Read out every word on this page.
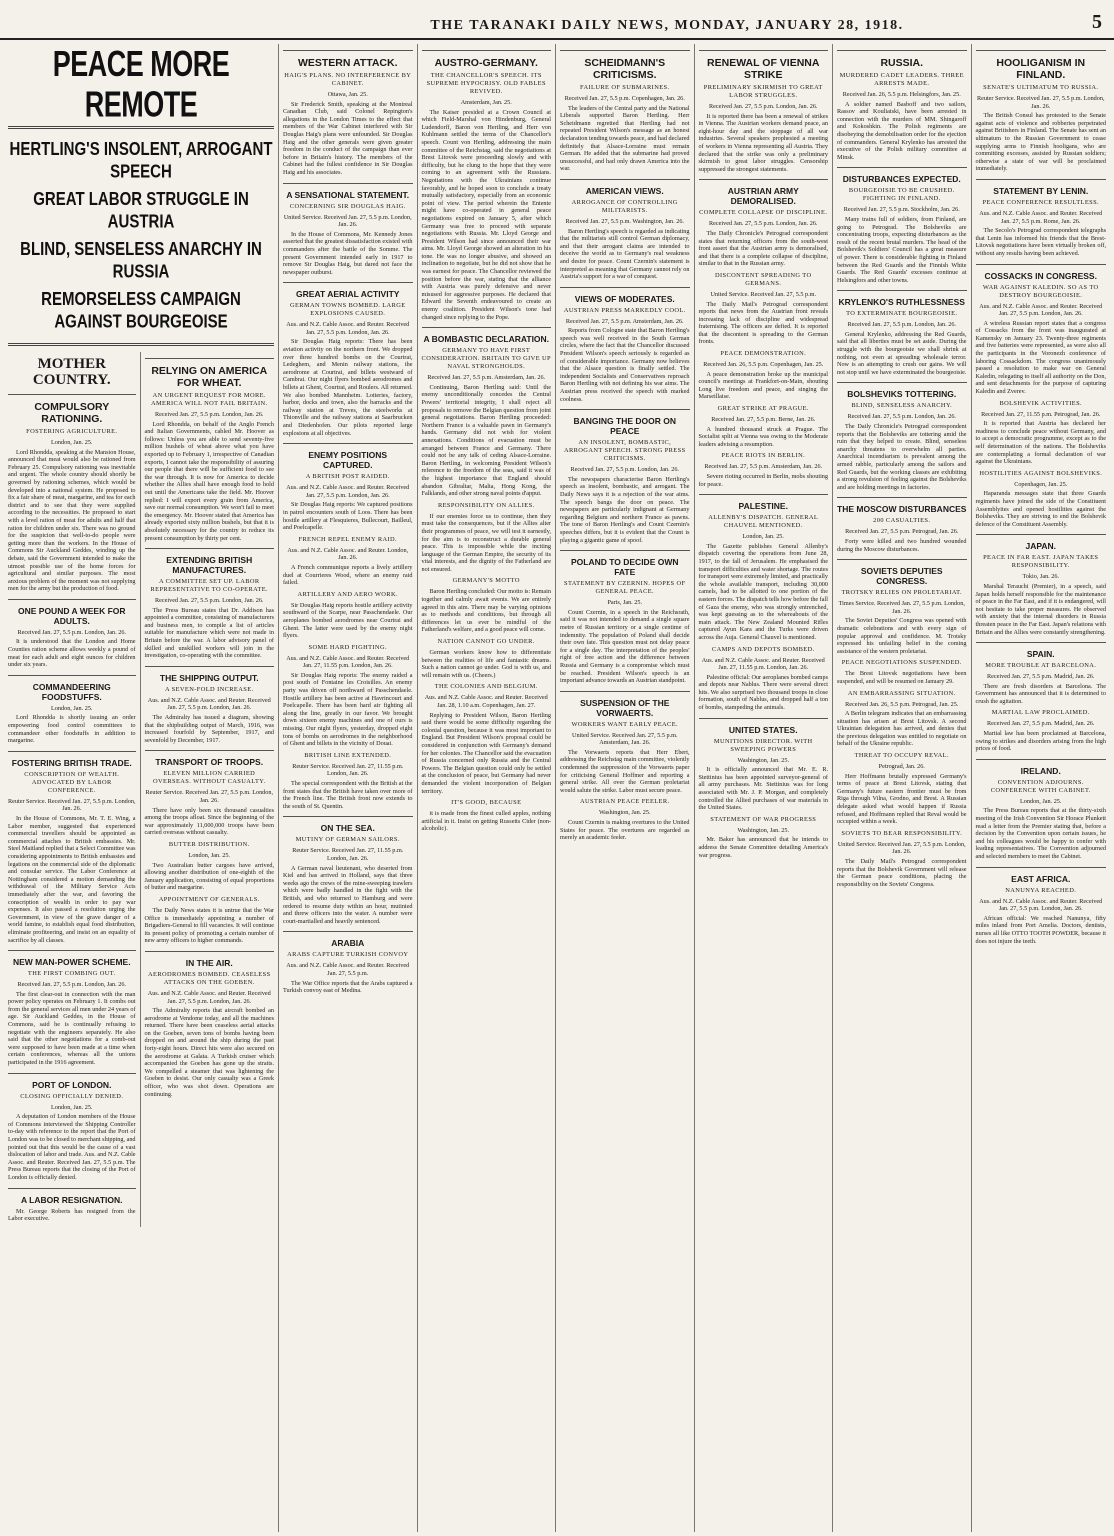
THE TARANAKI DAILY NEWS, MONDAY, JANUARY 28, 1918.	5
PEACE MORE REMOTE
HERTLING'S INSOLENT, ARROGANT SPEECH
GREAT LABOR STRUGGLE IN AUSTRIA
BLIND, SENSELESS ANARCHY IN RUSSIA
REMORSELESS CAMPAIGN AGAINST BOURGEOISE
MOTHER COUNTRY.
COMPULSORY RATIONING.
FOSTERING AGRICULTURE.
London, Jan. 25.

Lord Rhondda, speaking at the Mansion House, announced that meat would also be rationed from February 25. Compulsory rationing was inevitable and urgent. The whole country should shortly be governed by rationing schemes, which would be developed into a national system. He proposed to fix a fair share of meat, margarine, and tea for each district and to see that they were supplied according to the necessities. He proposed to start with a level ration of meat for adults and half that ration for children under six. There was no ground for the suspicion that well-to-do people were getting more than the workers. In the House of Commons Sir Auckland Geddes, winding up the debate, said the Government intended to make the utmost possible use of the home forces for agricultural and similar purposes. The most anxious problem of the moment was not supplying men for the army but the production of food.

ONE POUND A WEEK FOR ADULTS.
Received Jan. 27, 5.5 p.m. London, Jan. 26.

It is understood that the London and Home Counties ration scheme allows weekly a pound of meat for each adult and eight ounces for children under six years.

COMMANDEERING FOODSTUFFS.
London, Jan. 25.

Lord Rhondda is shortly issuing an order empowering food control committees to commandeer other foodstuffs in addition to margarine.

FOSTERING BRITISH TRADE.
CONSCRIPTION OF WEALTH. ADVOCATED BY LABOR CONFERENCE.
Reuter Service. Received Jan. 27, 5.5 p.m. London, Jan. 26.

In the House of Commons, Mr. T. E. Wing, a Labor member, suggested that experienced commercial travellers should be appointed as commercial attaches to British embassies. Mr. Steel Maitland replied that a Select Committee was considering appointments to British embassies and legations on the commercial side of the diplomatic and consular service. The Labor Conference at Nottingham considered a motion demanding the withdrawal of the Military Service Acts immediately after the war, and favoring the conscription of wealth in order to pay war expenses. It also passed a resolution urging the Government, in view of the grave danger of a world famine, to establish equal food distribution, eliminate profiteering, and insist on an equality of sacrifice by all classes.

NEW MAN-POWER SCHEME.
THE FIRST COMBING OUT.
Received Jan. 27, 5.5 p.m. London, Jan. 26.

The first clear-out in connection with the man power policy operates on February 1. It combs out from the general services all men under 24 years of age. Sir Auckland Geddes, in the House of Commons, said he is continually refusing to negotiate with the engineers separately. He also said that the other negotiations for a comb-out were supposed to have been made at a time when certain conferences, whereas all the unions participated in the 1916 agreement.

PORT OF LONDON.
CLOSING OFFICIALLY DENIED.
London, Jan. 25.

A deputation of London members of the House of Commons interviewed the Shipping Controller to-day with reference to the report that the Port of London was to be closed to merchant shipping, and pointed out that this would be the cause of a vast dislocation of labor and trade. Aus. and N.Z. Cable Assoc. and Reuter. Received Jan. 27, 5.5 p.m. The Press Bureau reports that the closing of the Port of London is officially denied.

A LABOR RESIGNATION.

Mr. George Roberts has resigned from the Labor executive.

RELYING ON AMERICA FOR WHEAT.
AN URGENT REQUEST FOR MORE. AMERICA WILL NOT FAIL BRITAIN.
Received Jan. 27, 5.5 p.m. London, Jan. 26.

Lord Rhondda, on behalf of the Anglo French and Italian Governments, cabled Mr. Hoover as follows: Unless you are able to send seventy-five million bushels of wheat above what you have exported up to February 1, irrespective of Canadian exports, I cannot take the responsibility of assuring our people that there will be sufficient food to see the war through. It is now for America to decide whether the Allies shall have enough food to hold out until the Americans take the field. Mr. Hoover replied: I will export every grain from America, save our normal consumption. We won't fail to meet the emergency. Mr. Hoover stated that America has already exported sixty million bushels, but that it is absolutely necessary for the country to reduce its present consumption by thirty per cent.

EXTENDING BRITISH MANUFACTURES.
A COMMITTEE SET UP. LABOR REPRESENTATIVE TO CO-OPERATE.
Received Jan. 27, 5.5 p.m. London, Jan. 26.

The Press Bureau states that Dr. Addison has appointed a committee, consisting of manufacturers and business men, to compile a list of articles suitable for manufacture which were not made in Britain before the war. A labor advisory panel of skilled and unskilled workers will join in the investigation, co-operating with the committee.

THE SHIPPING OUTPUT.
A SEVEN-FOLD INCREASE.
Aus. and N.Z. Cable Assoc. and Reuter. Received Jan. 27, 5.5 p.m. London, Jan. 26.

The Admiralty has issued a diagram, showing that the shipbuilding output of March, 1916, was increased fourfold by September, 1917, and sevenfold by December, 1917.

TRANSPORT OF TROOPS.
ELEVEN MILLION CARRIED OVERSEAS. WITHOUT CASUALTY.
Reuter Service. Received Jan. 27, 5.5 p.m. London, Jan. 26.

There have only been six thousand casualties among the troops afloat. Since the beginning of the war approximately 11,000,000 troops have been carried overseas without casualty.

BUTTER DISTRIBUTION.
London, Jan. 25.

Two Australian butter cargoes have arrived, allowing another distribution of one-eighth of the January application, consisting of equal proportions of butter and margarine.

APPOINTMENT OF GENERALS.

The Daily News states it is untrue that the War Office is immediately appointing a number of Brigadiers-General to fill vacancies. It will continue its present policy of promoting a certain number of new army officers to higher commands.

IN THE AIR.
AERODROMES BOMBED. CEASELESS ATTACKS ON THE GOEBEN.
Aus. and N.Z. Cable Assoc. and Reuter. Received Jan. 27, 5.5 p.m. London, Jan. 26.

The Admiralty reports that aircraft bombed an aerodrome at Vendome today, and all the machines returned. There have been ceaseless aerial attacks on the Goeben, seven tons of bombs having been dropped on and around the ship during the past forty-eight hours. Direct hits were also secured on the aerodrome at Galata. A Turkish cruiser which accompanied the Goeben has gone up the straits. We compelled a steamer that was lightening the Goeben to desist. Our only casualty was a Greek officer, who was shot down. Operations are continuing.

WESTERN ATTACK.
HAIG'S PLANS. NO INTERFERENCE BY CABINET.
Ottawa, Jan. 25.

Sir Frederick Smith, speaking at the Montreal Canadian Club, said Colonel Repington's allegations in the London Times to the effect that members of the War Cabinet interfered with Sir Douglas Haig's plans were unfounded. Sir Douglas Haig and the other generals were given greater freedom in the conduct of the campaign than ever before in Britain's history. The members of the Cabinet had the fullest confidence in Sir Douglas Haig and his associates.

A SENSATIONAL STATEMENT.
CONCERNING SIR DOUGLAS HAIG.
United Service. Received Jan. 27, 5.5 p.m. London, Jan. 26.

In the House of Commons, Mr. Kennedy Jones asserted that the greatest dissatisfaction existed with commanders after the battle of the Somme. The present Government intended early in 1917 to remove Sir Douglas Haig, but dared not face the newspaper outburst.

GREAT AERIAL ACTIVITY
GERMAN TOWNS BOMBED. LARGE EXPLOSIONS CAUSED.
Aus. and N.Z. Cable Assoc. and Reuter. Received Jan. 27, 5.5 p.m. London, Jan. 26.

Sir Douglas Haig reports: There has been aviation activity on the northern front. We dropped over three hundred bombs on the Courtrai, Ledeghem, and Menin railway stations, the aerodrome at Courtrai, and billets westward of Cambrai. Our night flyers bombed aerodromes and billets at Ghent, Courtrai, and Roulers. All returned. We also bombed Mannheim. Lotteries, factory, harbor, docks and town, also the barracks and the railway station at Treves, the steelworks at Thionville and the railway stations at Saarbrucken and Diedenhofen. Our pilots reported large explosions at all objectives.

ENEMY POSITIONS CAPTURED.
A BRITISH POST RAIDED.
Aus. and N.Z. Cable Assoc. and Reuter. Received Jan. 27, 5.5 p.m. London, Jan. 26.

Sir Douglas Haig reports: We captured positions in patrol encounters south of Loos. There has been hostile artillery at Flesquieres, Bullecourt, Bailleul, and Poelcapelle.

FRENCH REPEL ENEMY RAID.
Aus. and N.Z. Cable Assoc. and Reuter. London, Jan. 26.

A French communique reports a lively artillery duel at Courrieres Wood, where an enemy raid failed.

ARTILLERY AND AERO WORK.

Sir Douglas Haig reports hostile artillery activity southward of the Scarpe, near Passchendaele. Our aeroplanes bombed aerodromes near Courtrai and Ghent. The latter were used by the enemy night flyers.

SOME HARD FIGHTING.
Aus. and N.Z. Cable Assoc. and Reuter. Received Jan. 27, 11.55 p.m. London, Jan. 26.

Sir Douglas Haig reports: The enemy raided a post south of Fontaine les Croisilles. An enemy party was driven off northward of Passchendaele. Hostile artillery has been active at Havrincourt and Poelcapelle. There has been hard air fighting all along the line, greatly in our favor. We brought down sixteen enemy machines and one of ours is missing. Our night flyers, yesterday, dropped eight tons of bombs on aerodromes in the neighborhood of Ghent and billets in the vicinity of Douai.

BRITISH LINE EXTENDED.
Reuter Service. Received Jan. 27, 11.55 p.m. London, Jan. 26.

The special correspondent with the British at the front states that the British have taken over more of the French line. The British front now extends to the south of St. Quentin.

ON THE SEA.
MUTINY OF GERMAN SAILORS.
Reuter Service. Received Jan. 27, 11.55 p.m. London, Jan. 26.

A German naval lieutenant, who deserted from Kiel and has arrived in Holland, says that three weeks ago the crews of the mine-sweeping trawlers which were badly handled in the fight with the British, and who returned to Hamburg and were ordered to resume duty within an hour, mutinied and threw officers into the water. A number were court-martialled and heavily sentenced.

ARABIA
ARABS CAPTURE TURKISH CONVOY
Aus. and N.Z. Cable Assoc. and Reuter. Received Jan. 27, 5.5 p.m.

The War Office reports that the Arabs captured a Turkish convoy east of Medina.

AUSTRO-GERMANY.
THE CHANCELLOR'S SPEECH. ITS SUPREME HYPOCRISY. OLD FABLES REVIVED.
Amsterdam, Jan. 25.

The Kaiser presided at a Crown Council at which Field-Marshal von Hindenburg, General Ludendorff, Baron von Hertling, and Herr von Kuhlmann settled the terms of the Chancellor's speech. Count von Hertling, addressing the main committee of the Reichstag, said the negotiations at Brest Litovsk were proceeding slowly and with difficulty, but he clung to the hope that they were coming to an agreement with the Russians. Negotiations with the Ukrainians continue favorably, and he hoped soon to conclude a treaty mutually satisfactory, especially from an economic point of view. The period wherein the Entente might have co-operated in general peace negotiations expired on January 5, after which Germany was free to proceed with separate negotiations with Russia. Mr. Lloyd George and President Wilson had since announced their war aims. Mr. Lloyd George showed an alteration in his tone. He was no longer abusive, and showed an inclination to negotiate, but he did not show that he was earnest for peace. The Chancellor reviewed the position before the war, stating that the alliance with Austria was purely defensive and never misused for aggressive purposes. He declared that Edward the Seventh endeavoured to create an enemy coalition. President Wilson's tone had changed since replying to the Pope.

A BOMBASTIC DECLARATION.
GERMANY TO HAVE FIRST CONSIDERATION. BRITAIN TO GIVE UP NAVAL STRONGHOLDS.
Received Jan. 27, 5.5 p.m. Amsterdam, Jan. 26.

Continuing, Baron Hertling said: Until the enemy unconditionally concedes the Central Powers' territorial integrity, I shall reject all proposals to remove the Belgian question from joint general negotiations. Baron Hertling proceeded: Northern France is a valuable pawn in Germany's hands. Germany did not wish for violent annexations. Conditions of evacuation must be arranged between France and Germany. There could not be any talk of ceding Alsace-Lorraine. Baron Hertling, in welcoming President Wilson's reference to the freedom of the seas, said it was of the highest importance that England should abandon Gibraltar, Malta, Hong Kong, the Falklands, and other strong naval points d'appui.

RESPONSIBILITY ON ALLIES.

If our enemies force us to continue, then they must take the consequences, but if the Allies alter their programmes of peace, we will test it earnestly, for the aim is to reconstruct a durable general peace. This is impossible while the inciting language of the German Empire, the security of its vital interests, and the dignity of the Fatherland are not ensured.

GERMANY'S MOTTO

Baron Hertling concluded: Our motto is: Remain together and calmly await events. We are entirely agreed in this aim. There may be varying opinions as to methods and conditions, but through all differences let us ever be mindful of the Fatherland's welfare, and a good peace will come.

NATION CANNOT GO UNDER.

German workers know how to differentiate between the realities of life and fantastic dreams. Such a nation cannot go under. God is with us, and will remain with us. (Cheers.)

THE COLONIES AND BELGIUM.
Aus. and N.Z. Cable Assoc. and Reuter. Received Jan. 28, 1.10 a.m. Copenhagen, Jan. 27.

Replying to President Wilson, Baron Hertling said there would be some difficulty regarding the colonial question, because it was most important to England. But President Wilson's proposal could be considered in conjunction with Germany's demand for her colonies. The Chancellor said the evacuation of Russia concerned only Russia and the Central Powers. The Belgian question could only be settled at the conclusion of peace, but Germany had never demanded the violent incorporation of Belgian territory.

IT'S GOOD, BECAUSE

it is made from the finest culled apples, nothing artificial in it. Insist on getting Russetts Cider (non-alcoholic).

SCHEIDMANN'S CRITICISMS.
FAILURE OF SUBMARINES.
Received Jan. 27, 5.5 p.m. Copenhagen, Jan. 26.

The leaders of the Central party and the National Liberals supported Baron Hertling. Herr Scheidmann regretted that Hertling had not repeated President Wilson's message as an honest declaration tending towards peace, and had declared definitely that Alsace-Lorraine must remain German. He added that the submarine had proved unsuccessful, and had only drawn America into the war.

AMERICAN VIEWS.
ARROGANCE OF CONTROLLING MILITARISTS.
Received Jan. 27, 5.5 p.m. Washington, Jan. 26.

Baron Hertling's speech is regarded as indicating that the militarists still control German diplomacy, and that their arrogant claims are intended to deceive the world as to Germany's real weakness and desire for peace. Count Czernin's statement is interpreted as meaning that Germany cannot rely on Austria's support for a war of conquest.

VIEWS OF MODERATES.
AUSTRIAN PRESS MARKEDLY COOL.
Received Jan. 27, 5.5 p.m. Amsterdam, Jan. 26.

Reports from Cologne state that Baron Hertling's speech was well received in the South German circles, where the fact that the Chancellor discussed President Wilson's speech seriously is regarded as of considerable importance. Germany now believes that the Alsace question is finally settled. The independent Socialists and Conservatives reproach Baron Hertling with not defining his war aims. The Austrian press received the speech with marked coolness.

BANGING THE DOOR ON PEACE
AN INSOLENT, BOMBASTIC, ARROGANT SPEECH. STRONG PRESS CRITICISMS.
Received Jan. 27, 5.5 p.m. London, Jan. 26.

The newspapers characterise Baron Hertling's speech as insolent, bombastic, and arrogant. The Daily News says it is a rejection of the war aims. The speech bangs the door on peace. The newspapers are particularly indignant at Germany regarding Belgium and northern France as pawns. The tone of Baron Hertling's and Count Czernin's speeches differs, but it is evident that the Count is playing a gigantic game of spoof.

POLAND TO DECIDE OWN FATE
STATEMENT BY CZERNIN. HOPES OF GENERAL PEACE.
Paris, Jan. 25.

Count Czernin, in a speech in the Reichsrath, said it was not intended to demand a single square metre of Russian territory or a single centime of indemnity. The population of Poland shall decide their own fate. This question must not delay peace for a single day. The interpretation of the peoples' right of free action and the difference between Russia and Germany is a compromise which must be reached. President Wilson's speech is an important advance towards an Austrian standpoint.

SUSPENSION OF THE VORWAERTS.
WORKERS WANT EARLY PEACE.
United Service. Received Jan. 27, 5.5 p.m. Amsterdam, Jan. 26.

The Vorwaerts reports that Herr Ebert, addressing the Reichstag main committee, violently condemned the suppression of the Vorwaerts paper for criticising General Hoffmer and reporting a general strike. All over the German proletariat would salute the strike. Labor must secure peace.

AUSTRIAN PEACE FEELER.
Washington, Jan. 25.

Count Czernin is making overtures to the United States for peace. The overtures are regarded as merely an academic feeler.

RENEWAL OF VIENNA STRIKE
PRELIMINARY SKIRMISH TO GREAT LABOR STRUGGLES.
Received Jan. 27, 5.5 p.m. London, Jan. 26.

It is reported there has been a renewal of strikes in Vienna. The Austrian workers demand peace, an eight-hour day and the stoppage of all war industries. Several speakers prophesied a meeting of workers in Vienna representing all Austria. They declared that the strike was only a preliminary skirmish to great labor struggles. Censorship suppressed the strongest statements.

AUSTRIAN ARMY DEMORALISED.
COMPLETE COLLAPSE OF DISCIPLINE.
Received Jan. 27, 5.5 p.m. London, Jan. 26.

The Daily Chronicle's Petrograd correspondent states that returning officers from the south-west front assert that the Austrian army is demoralised, and that there is a complete collapse of discipline, similar to that in the Russian army.

DISCONTENT SPREADING TO GERMANS.
United Service. Received Jan. 27, 5.5 p.m.

The Daily Mail's Petrograd correspondent reports that news from the Austrian front reveals increasing lack of discipline and widespread fraternising. The officers are defied. It is reported that the discontent is spreading to the German fronts.

PEACE DEMONSTRATION.
Received Jan. 26, 5.5 p.m. Copenhagen, Jan. 25.

A peace demonstration broke up the municipal council's meetings at Frankfort-on-Main, shouting Long live freedom and peace, and singing the Marseillaise.

GREAT STRIKE AT PRAGUE.
Received Jan. 27, 5.5 p.m. Berne, Jan. 26.

A hundred thousand struck at Prague. The Socialist split at Vienna was owing to the Moderate leaders advising a resumption.

PEACE RIOTS IN BERLIN.
Received Jan. 27, 5.5 p.m. Amsterdam, Jan. 26.

Severe rioting occurred in Berlin, mobs shouting for peace.

PALESTINE.
ALLENBY'S DISPATCH. GENERAL CHAUVEL MENTIONED.
London, Jan. 25.

The Gazette publishes General Allenby's dispatch covering the operations from June 28, 1917, to the fall of Jerusalem. He emphasised the transport difficulties and water shortage. The routes for transport were extremely limited, and practically the whole available transport, including 30,000 camels, had to be allotted to one portion of the eastern forces. The dispatch tells how before the fall of Gaza the enemy, who was strongly entrenched, was kept guessing as to the whereabouts of the main attack. The New Zealand Mounted Rifles captured Ayun Kara and the Turks were driven across the Auja. General Chauvel is mentioned.

CAMPS AND DEPOTS BOMBED.
Aus. and N.Z. Cable Assoc. and Reuter. Received Jan. 27, 11.55 p.m. London, Jan. 26.

Palestine official: Our aeroplanes bombed camps and depots near Nablus. There were several direct hits. We also surprised two thousand troops in close formation, south of Nablus, and dropped half a ton of bombs, stampeding the animals.

UNITED STATES.
MUNITIONS DIRECTOR. WITH SWEEPING POWERS
Washington, Jan. 25.

It is officially announced that Mr. E. R. Stettinius has been appointed surveyor-general of all army purchases. Mr. Stettinius was for long associated with Mr. J. P. Morgan, and completely controlled the Allied purchases of war materials in the United States.

STATEMENT OF WAR PROGRESS
Washington, Jan. 25.

Mr. Baker has announced that he intends to address the Senate Committee detailing America's war progress.

RUSSIA.
MURDERED CADET LEADERS. THREE ARRESTS MADE.
Received Jan. 26, 5.5 p.m. Helsingfors, Jan. 25.

A soldier named Basboff and two sailors, Rassov and Kouliatski, have been arrested in connection with the murders of MM. Shingaroff and Kokoshkin. The Polish regiments are disobeying the demobilisation order for the ejection of commanders. General Krylenko has arrested the executive of the Polish military committee at Minsk.

DISTURBANCES EXPECTED.
BOURGEOISIE TO BE CRUSHED. FIGHTING IN FINLAND.
Received Jan. 27, 5.5 p.m. Stockholm, Jan. 26.

Many trains full of soldiers, from Finland, are going to Petrograd. The Bolsheviks are concentrating troops, expecting disturbances as the result of the recent brutal murders. The head of the Bolshevik's Soldiers' Council has a great measure of power. There is considerable fighting in Finland between the Red Guards and the Finnish White Guards. The Red Guards' excesses continue at Helsingfors and other towns.

KRYLENKO'S RUTHLESSNESS
TO EXTERMINATE BOURGEOISIE.
Received Jan. 27, 5.5 p.m. London, Jan. 26.

General Krylenko, addressing the Red Guards, said that all liberties must be set aside. During the struggle with the bourgeoisie we shall shrink at nothing, not even at spreading wholesale terror. Now is an attempting to crush our gains. We will not stop until we have exterminated the bourgeoisie.

BOLSHEVIKS TOTTERING.
BLIND, SENSELESS ANARCHY.
Received Jan. 27, 5.5 p.m. London, Jan. 26.

The Daily Chronicle's Petrograd correspondent reports that the Bolsheviks are tottering amid the ruin that they helped to create. Blind, senseless anarchy threatens to overwhelm all parties. Anarchical incendiarism is prevalent among the armed rabble, particularly among the sailors and Red Guards, but the working classes are exhibiting a strong revulsion of feeling against the Bolsheviks and are holding meetings in factories.

THE MOSCOW DISTURBANCES
200 CASUALTIES.
Received Jan. 27, 5.5 p.m. Petrograd, Jan. 26.

Forty were killed and two hundred wounded during the Moscow disturbances.

SOVIETS DEPUTIES CONGRESS.
TROTSKY RELIES ON PROLETARIAT.
Times Service. Received Jan. 27, 5.5 p.m. London, Jan. 26.

The Soviet Deputies' Congress was opened with dramatic celebrations and with every sign of popular approval and confidence. M. Trotsky expressed his unfailing belief in the coming assistance of the western proletariat.

PEACE NEGOTIATIONS SUSPENDED.

The Brest Litovsk negotiations have been suspended, and will be resumed on January 29.

AN EMBARRASSING SITUATION.
Received Jan. 26, 5.5 p.m. Petrograd, Jan. 25.

A Berlin telegram indicates that an embarrassing situation has arisen at Brest Litovsk. A second Ukrainian delegation has arrived, and denies that the previous delegation was entitled to negotiate on behalf of the Ukraine republic.

THREAT TO OCCUPY REVAL.
Petrograd, Jan. 26.

Herr Hoffmann brutally expressed Germany's terms of peace at Brest Litovsk, stating that Germany's future eastern frontier must be from Riga through Vilna, Grodno, and Brest. A Russian delegate asked what would happen if Russia refused, and Hoffmann replied that Reval would be occupied within a week.

SOVIETS TO BEAR RESPONSIBILITY.
United Service. Received Jan. 27, 5.5 p.m. London, Jan. 26.

The Daily Mail's Petrograd correspondent reports that the Bolshevik Government will release the German peace conditions, placing the responsibility on the Soviets' Congress.

HOOLIGANISM IN FINLAND.
SENATE'S ULTIMATUM TO RUSSIA.
Reuter Service. Received Jan. 27, 5.5 p.m. London, Jan. 26.

The British Consul has protested to the Senate against acts of violence and robberies perpetrated against Britishers in Finland. The Senate has sent an ultimatum to the Russian Government to cease supplying arms to Finnish hooligans, who are committing excesses, assisted by Russian soldiers; otherwise a state of war will be proclaimed immediately.

STATEMENT BY LENIN.
PEACE CONFERENCE RESULTLESS.
Aus. and N.Z. Cable Assoc. and Reuter. Received Jan. 27, 5.5 p.m. Rome, Jan. 26.

The Secolo's Petrograd correspondent telegraphs that Lenin has informed his friends that the Brest-Litovsk negotiations have been virtually broken off, without any results having been achieved.

COSSACKS IN CONGRESS.
WAR AGAINST KALEDIN. SO AS TO DESTROY BOURGEOISIE.
Aus. and N.Z. Cable Assoc. and Reuter. Received Jan. 27, 5.5 p.m. London, Jan. 26.

A wireless Russian report states that a congress of Cossacks from the front was inaugurated at Kamensky on January 23. Twenty-three regiments and five batteries were represented, as were also all the participants in the Voronezh conference of laboring Cossackdom. The congress unanimously passed a resolution to make war on General Kaledin, relegating to itself all authority on the Don, and sent detachments for the purpose of capturing Kaledin and Zverev.

BOLSHEVIK ACTIVITIES.
Received Jan. 27, 11.55 p.m. Petrograd, Jan. 26.

It is reported that Austria has declared her readiness to conclude peace without Germany, and to accept a democratic programme, except as to the self determination of the nations. The Bolsheviks are contemplating a formal declaration of war against the Ukrainians.

HOSTILITIES AGAINST BOLSHEVIKS.
Copenhagen, Jan. 25.

Haparanda messages state that three Guards regiments have joined the side of the Constituent Assemblyites and opened hostilities against the Bolsheviks. They are striving to end the Bolshevik defence of the Constituent Assembly.

JAPAN.
PEACE IN FAR EAST. JAPAN TAKES RESPONSIBILITY.
Tokio, Jan. 26.

Marshal Terauchi (Premier), in a speech, said Japan holds herself responsible for the maintenance of peace in the Far East, and if it is endangered, will not hesitate to take proper measures. He observed with anxiety that the internal disorders in Russia threaten peace in the Far East. Japan's relations with Britain and the Allies were constantly strengthening.

SPAIN.
MORE TROUBLE AT BARCELONA.
Received Jan. 27, 5.5 p.m. Madrid, Jan. 26.

There are fresh disorders at Barcelona. The Government has announced that it is determined to crush the agitation.

MARTIAL LAW PROCLAIMED.
Received Jan. 27, 5.5 p.m. Madrid, Jan. 26.

Martial law has been proclaimed at Barcelona, owing to strikes and disorders arising from the high prices of food.

IRELAND.
CONVENTION ADJOURNS. CONFERENCE WITH CABINET.
London, Jan. 25.

The Press Bureau reports that at the thirty-sixth meeting of the Irish Convention Sir Horace Plunkett read a letter from the Premier stating that, before a decision by the Convention upon certain issues, he and his colleagues would be happy to confer with leading representatives. The Convention adjourned and selected members to meet the Cabinet.

EAST AFRICA.
NANUNYA REACHED.
Aus. and N.Z. Cable Assoc. and Reuter. Received Jan. 27, 5.5 p.m. London, Jan. 26.

African official: We reached Nanunya, fifty miles inland from Port Amelia. Doctors, dentists, nurses all like OTTO TOOTH POWDER, because it does not injure the teeth.
